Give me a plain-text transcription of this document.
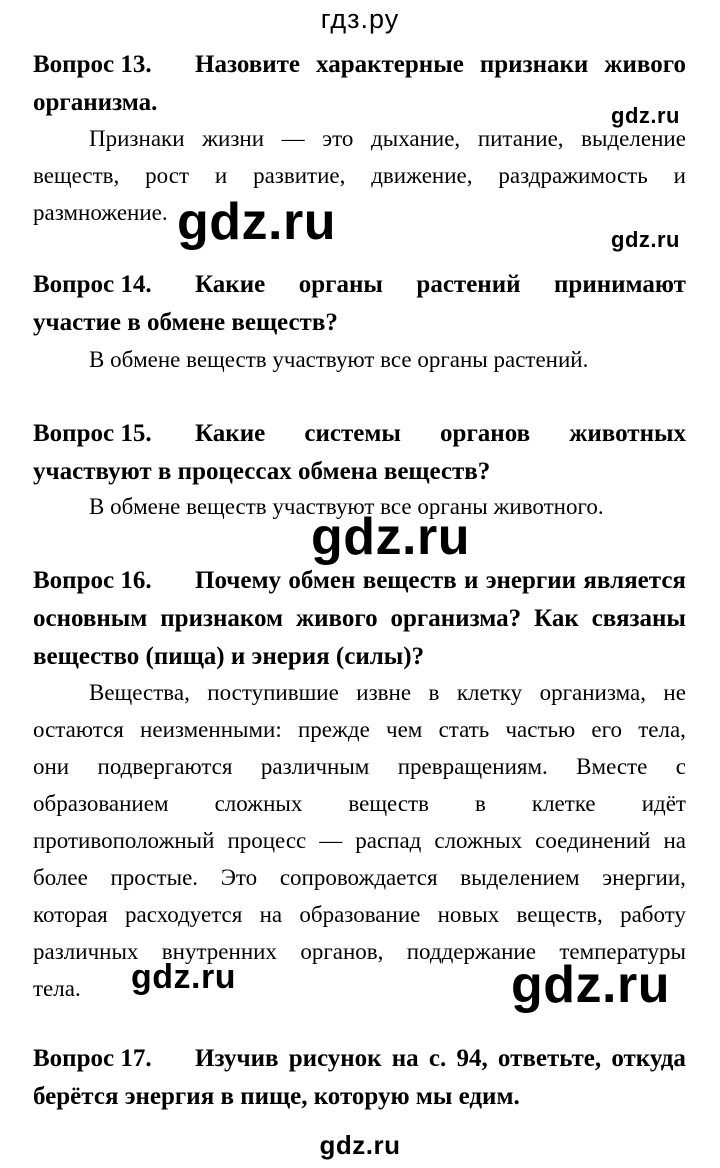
гдз.ру
Вопрос 13.	Назовите характерные признаки живого
организма.	gdz.ru
Признаки жизни — это дыхание, питание, выделение
веществ, рост и развитие, движение, раздражимость и
размножение. gdz.ru	gdz.ru
Вопрос 14.	Какие органы растений принимают
участие в обмене веществ?
В обмене веществ участвуют все органы растений.
Вопрос 15.	Какие системы органов животных
участвуют в процессах обмена веществ?
В обмене веществ участвуют все органы животного.
gdz.ru
Вопрос 16.	Почему обмен веществ и энергии является
основным признаком живого организма? Как связаны
вещество (пища) и энерия (силы)?
Вещества, поступившие извне в клетку организма, не
остаются неизменными: прежде чем стать частью его тела,
они подвергаются различным превращениям. Вместе с
образованием сложных веществ в клетке идёт
противоположный процесс — распад сложных соединений на
более простые. Это сопровождается выделением энергии,
которая расходуется на образование новых веществ, работу
различных внутренних органов, поддержание температуры
тела. gdz.ru	gdz.ru
Вопрос 17.	Изучив рисунок на с. 94, ответьте, откуда
берётся энергия в пище, которую мы едим.
gdz.ru
